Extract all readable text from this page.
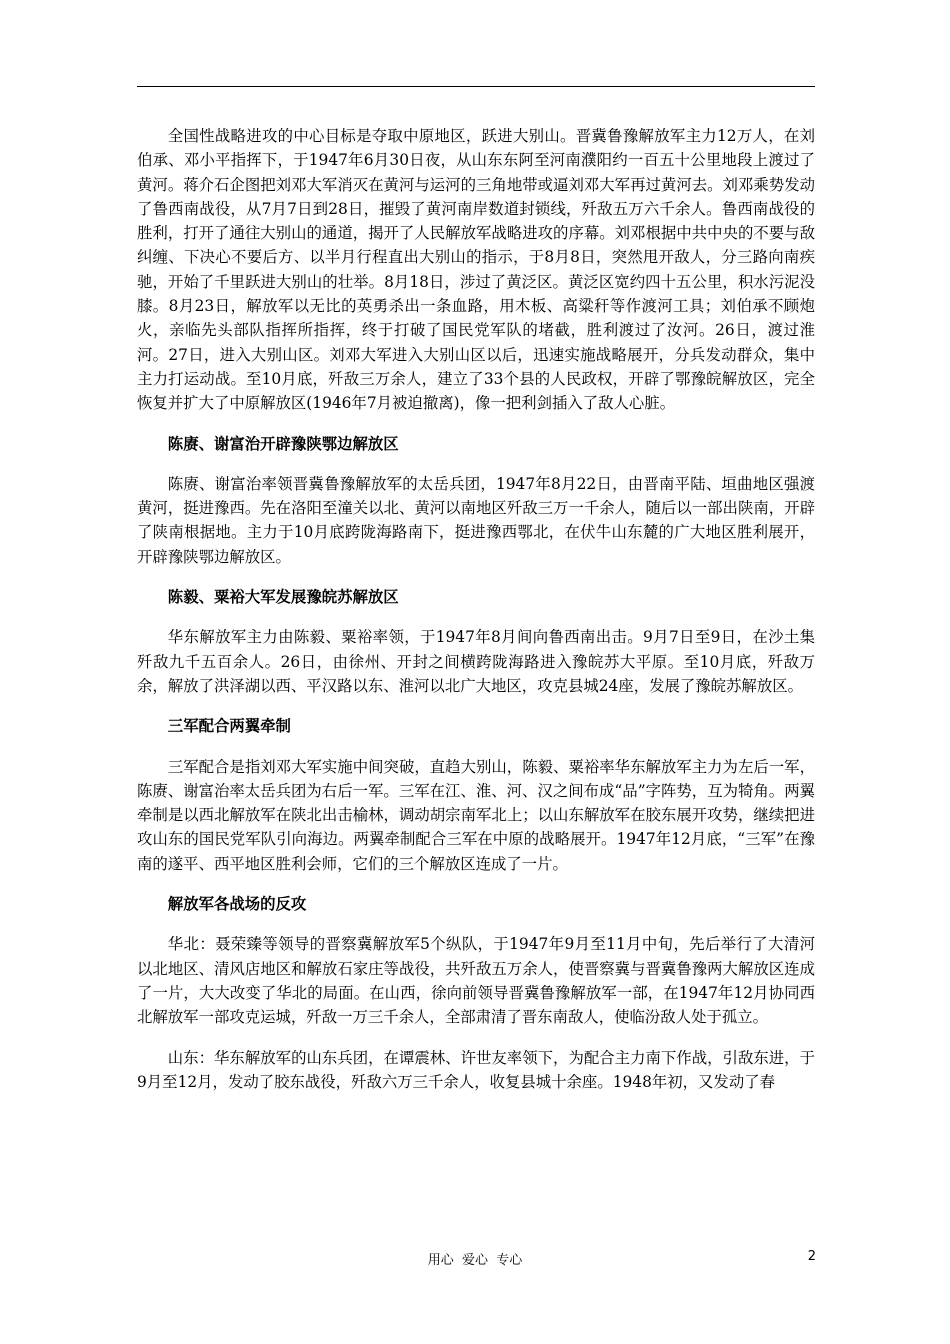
全国性战略进攻的中心目标是夺取中原地区，跃进大别山。晋冀鲁豫解放军主力12万人，在刘伯承、邓小平指挥下，于1947年6月30日夜，从山东东阿至河南濮阳约一百五十公里地段上渡过了黄河。蒋介石企图把刘邓大军消灭在黄河与运河的三角地带或逼刘邓大军再过黄河去。刘邓乘势发动了鲁西南战役，从7月7日到28日，摧毁了黄河南岸数道封锁线，歼敌五万六千余人。鲁西南战役的胜利，打开了通往大别山的通道，揭开了人民解放军战略进攻的序幕。刘邓根据中共中央的不要与敌纠缠、下决心不要后方、以半月行程直出大别山的指示，于8月8日，突然甩开敌人，分三路向南疾驰，开始了千里跃进大别山的壮举。8月18日，涉过了黄泛区。黄泛区宽约四十五公里，积水污泥没膝。8月23日，解放军以无比的英勇杀出一条血路，用木板、高粱秆等作渡河工具；刘伯承不顾炮火，亲临先头部队指挥所指挥，终于打破了国民党军队的堵截，胜利渡过了汝河。26日，渡过淮河。27日，进入大别山区。刘邓大军进入大别山区以后，迅速实施战略展开，分兵发动群众，集中主力打运动战。至10月底，歼敌三万余人，建立了33个县的人民政权，开辟了鄂豫皖解放区，完全恢复并扩大了中原解放区(1946年7月被迫撤离)，像一把利剑插入了敌人心脏。

陈赓、谢富治开辟豫陕鄂边解放区

陈赓、谢富治率领晋冀鲁豫解放军的太岳兵团，1947年8月22日，由晋南平陆、垣曲地区强渡黄河，挺进豫西。先在洛阳至潼关以北、黄河以南地区歼敌三万一千余人，随后以一部出陕南，开辟了陕南根据地。主力于10月底跨陇海路南下，挺进豫西鄂北，在伏牛山东麓的广大地区胜利展开，开辟豫陕鄂边解放区。

陈毅、粟裕大军发展豫皖苏解放区

华东解放军主力由陈毅、粟裕率领，于1947年8月间向鲁西南出击。9月7日至9日，在沙土集歼敌九千五百余人。26日，由徐州、开封之间横跨陇海路进入豫皖苏大平原。至10月底，歼敌万余，解放了洪泽湖以西、平汉路以东、淮河以北广大地区，攻克县城24座，发展了豫皖苏解放区。

三军配合两翼牵制

三军配合是指刘邓大军实施中间突破，直趋大别山，陈毅、粟裕率华东解放军主力为左后一军，陈赓、谢富治率太岳兵团为右后一军。三军在江、淮、河、汉之间布成“品”字阵势，互为犄角。两翼牵制是以西北解放军在陕北出击榆林，调动胡宗南军北上；以山东解放军在胶东展开攻势，继续把进攻山东的国民党军队引向海边。两翼牵制配合三军在中原的战略展开。1947年12月底，“三军”在豫南的遂平、西平地区胜利会师，它们的三个解放区连成了一片。

解放军各战场的反攻

华北：聂荣臻等领导的晋察冀解放军5个纵队，于1947年9月至11月中旬，先后举行了大清河以北地区、清风店地区和解放石家庄等战役，共歼敌五万余人，使晋察冀与晋冀鲁豫两大解放区连成了一片，大大改变了华北的局面。在山西，徐向前领导晋冀鲁豫解放军一部，在1947年12月协同西北解放军一部攻克运城，歼敌一万三千余人，全部肃清了晋东南敌人，使临汾敌人处于孤立。

山东：华东解放军的山东兵团，在谭震林、许世友率领下，为配合主力南下作战，引敌东进，于9月至12月，发动了胶东战役，歼敌六万三千余人，收复县城十余座。1948年初，又发动了春

用心  爱心  专心	2
